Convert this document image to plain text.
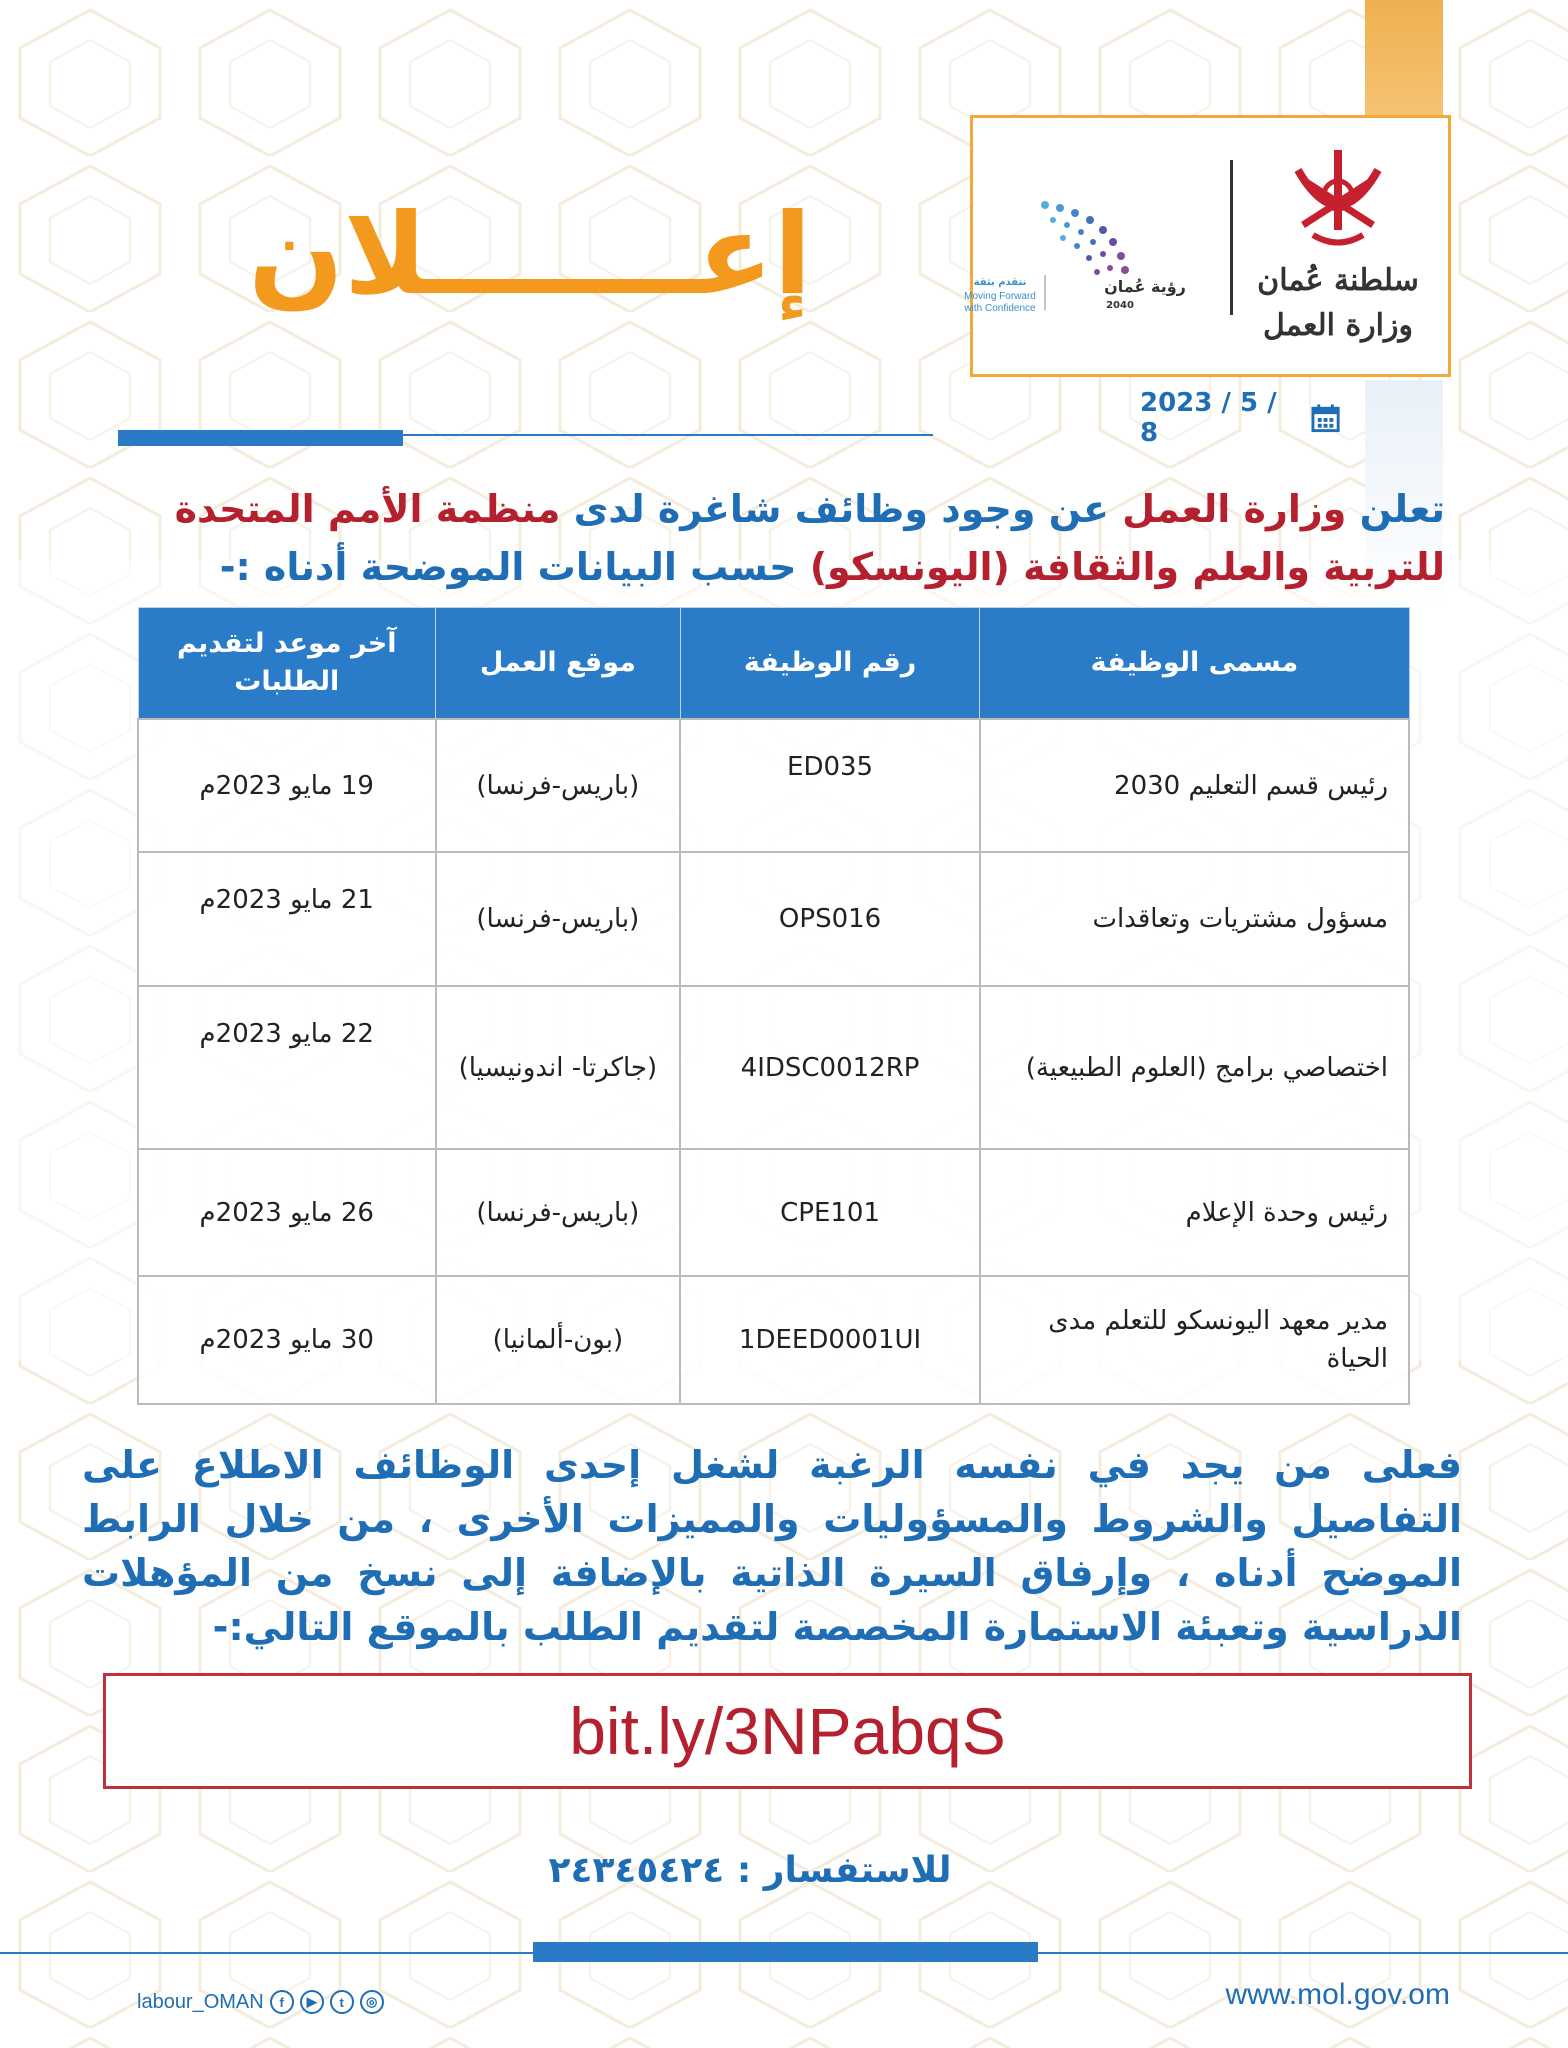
سلطنة عُمان
وزارة العمل
رؤية عُمان
2040
نتقدم بثقة
Moving Forward
with Confidence
إعـــــــلان
2023 / 5 / 8
تعلن وزارة العمل عن وجود وظائف شاغرة لدى منظمة الأمم المتحدة للتربية والعلم والثقافة (اليونسكو) حسب البيانات الموضحة أدناه :-
مسمى الوظيفة	رقم الوظيفة	موقع العمل	آخر موعد لتقديم الطلبات
رئيس قسم التعليم 2030	ED035	(باريس-فرنسا)	19 مايو 2023م
مسؤول مشتريات وتعاقدات	OPS016	(باريس-فرنسا)	21 مايو 2023م
اختصاصي برامج (العلوم الطبيعية)	4IDSC0012RP	(جاكرتا- اندونيسيا)	22 مايو 2023م
رئيس وحدة الإعلام	CPE101	(باريس-فرنسا)	26 مايو 2023م
مدير معهد اليونسكو للتعلم مدى الحياة	1DEED0001UI	(بون-ألمانيا)	30 مايو 2023م
فعلى من يجد في نفسه الرغبة لشغل إحدى الوظائف الاطلاع على التفاصيل والشروط والمسؤوليات والمميزات الأخرى ، من خلال الرابط الموضح أدناه ، وإرفاق السيرة الذاتية بالإضافة إلى نسخ من المؤهلات الدراسية وتعبئة الاستمارة المخصصة لتقديم الطلب بالموقع التالي:-
bit.ly/3NPabqS
للاستفسار : ٢٤٣٤٥٤٢٤
labour_OMAN	f	▶	t	◎	www.mol.gov.om
